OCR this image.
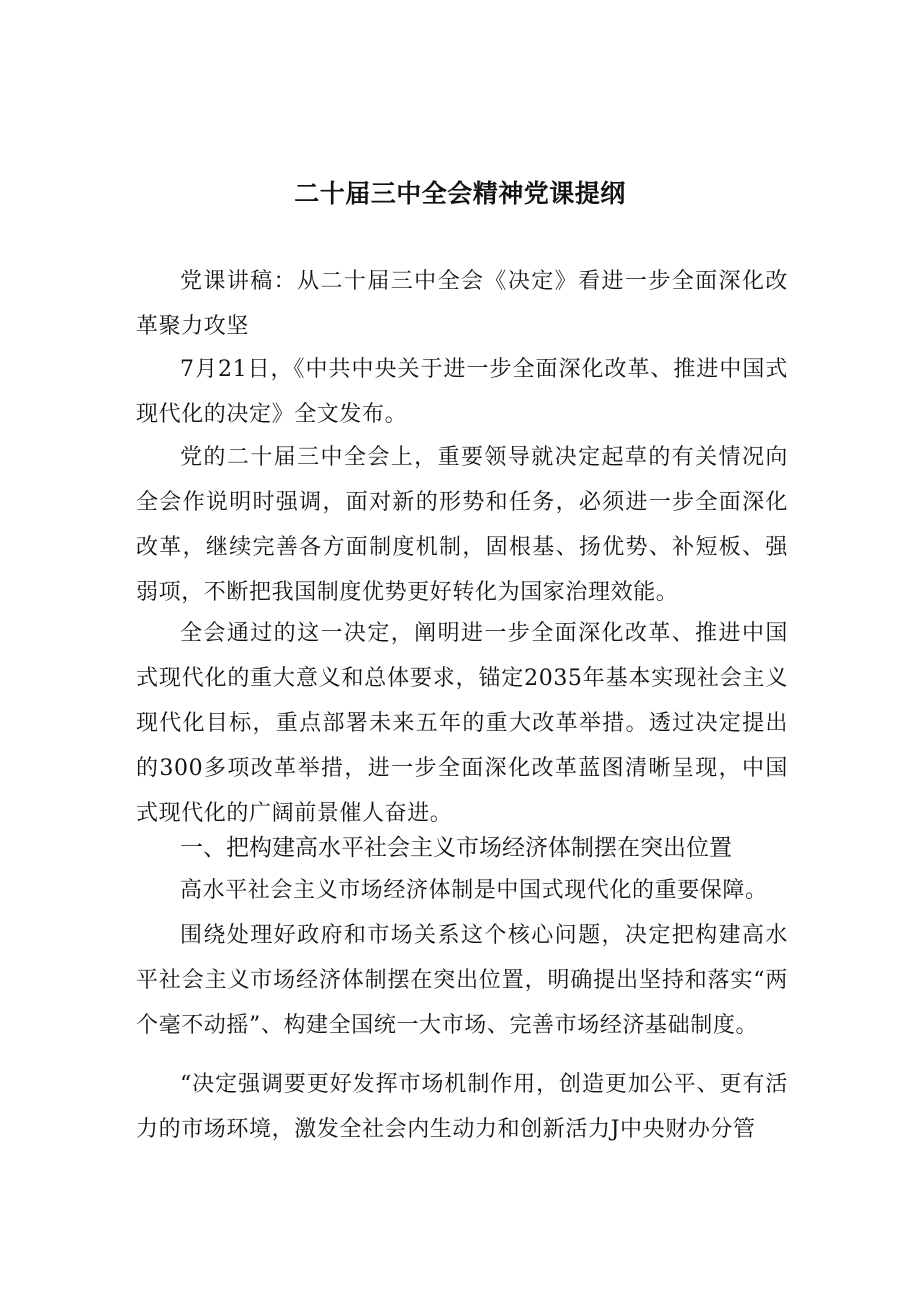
二十届三中全会精神党课提纲

党课讲稿：从二十届三中全会《决定》看进一步全面深化改革聚力攻坚

7月21日，《中共中央关于进一步全面深化改革、推进中国式现代化的决定》全文发布。

党的二十届三中全会上，重要领导就决定起草的有关情况向全会作说明时强调，面对新的形势和任务，必须进一步全面深化改革，继续完善各方面制度机制，固根基、扬优势、补短板、强弱项，不断把我国制度优势更好转化为国家治理效能。

全会通过的这一决定，阐明进一步全面深化改革、推进中国式现代化的重大意义和总体要求，锚定2035年基本实现社会主义现代化目标，重点部署未来五年的重大改革举措。透过决定提出的300多项改革举措，进一步全面深化改革蓝图清晰呈现，中国式现代化的广阔前景催人奋进。

一、把构建高水平社会主义市场经济体制摆在突出位置

高水平社会主义市场经济体制是中国式现代化的重要保障。

围绕处理好政府和市场关系这个核心问题，决定把构建高水平社会主义市场经济体制摆在突出位置，明确提出坚持和落实“两个毫不动摇”、构建全国统一大市场、完善市场经济基础制度。

“决定强调要更好发挥市场机制作用，创造更加公平、更有活力的市场环境，激发全社会内生动力和创新活力J中央财办分管
